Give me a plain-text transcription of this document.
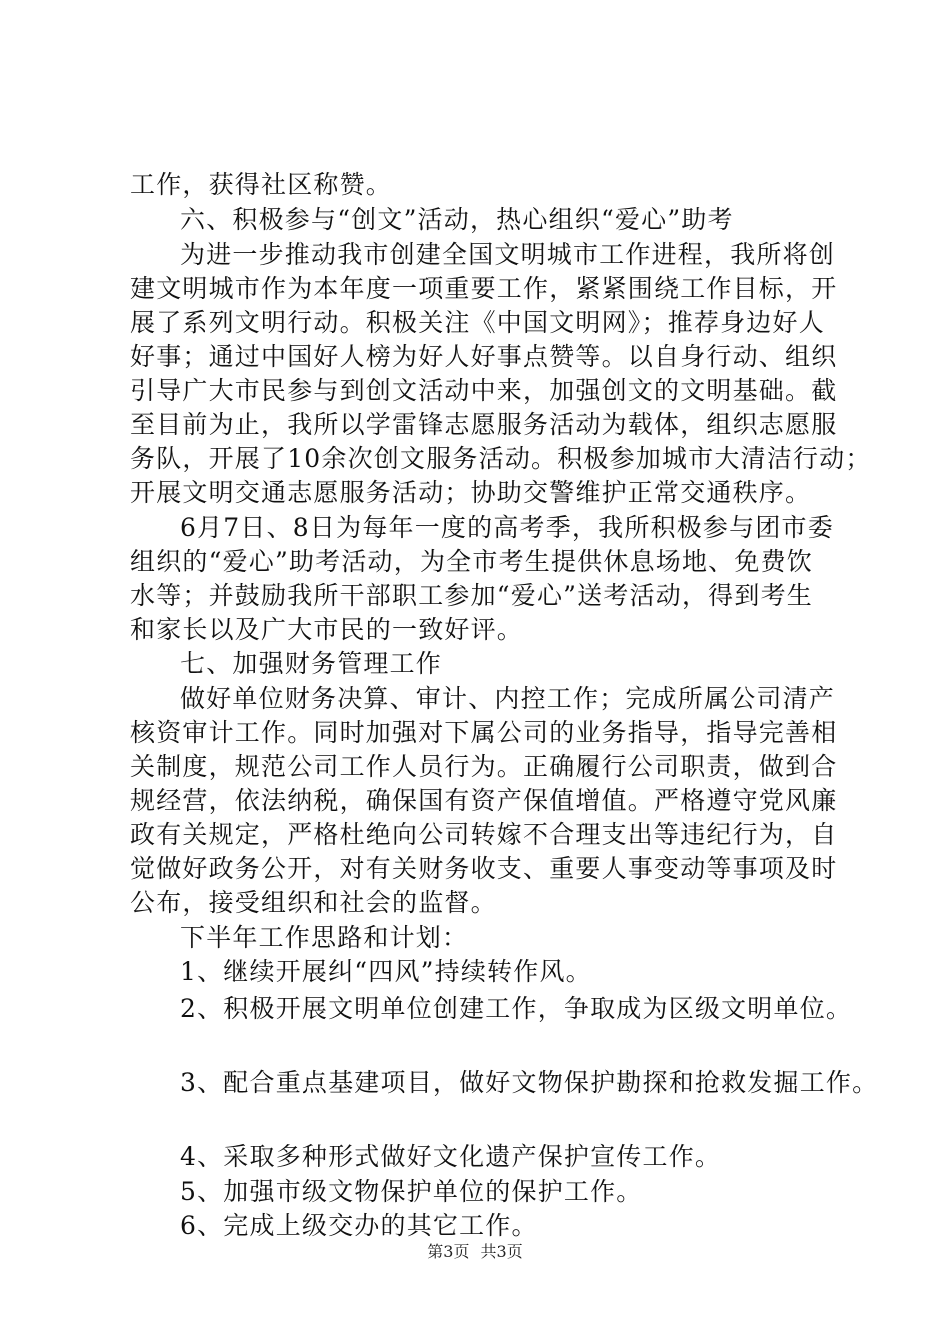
工作，获得社区称赞。
六、积极参与“创文”活动，热心组织“爱心”助考
为进一步推动我市创建全国文明城市工作进程，我所将创
建文明城市作为本年度一项重要工作，紧紧围绕工作目标，开
展了系列文明行动。积极关注《中国文明网》；推荐身边好人
好事；通过中国好人榜为好人好事点赞等。以自身行动、组织
引导广大市民参与到创文活动中来，加强创文的文明基础。截
至目前为止，我所以学雷锋志愿服务活动为载体，组织志愿服
务队，开展了10余次创文服务活动。积极参加城市大清洁行动；
开展文明交通志愿服务活动；协助交警维护正常交通秩序。
6月7日、8日为每年一度的高考季，我所积极参与团市委
组织的“爱心”助考活动，为全市考生提供休息场地、免费饮
水等；并鼓励我所干部职工参加“爱心”送考活动，得到考生
和家长以及广大市民的一致好评。
七、加强财务管理工作
做好单位财务决算、审计、内控工作；完成所属公司清产
核资审计工作。同时加强对下属公司的业务指导，指导完善相
关制度，规范公司工作人员行为。正确履行公司职责，做到合
规经营，依法纳税，确保国有资产保值增值。严格遵守党风廉
政有关规定，严格杜绝向公司转嫁不合理支出等违纪行为，自
觉做好政务公开，对有关财务收支、重要人事变动等事项及时
公布，接受组织和社会的监督。
下半年工作思路和计划：
1、继续开展纠“四风”持续转作风。
2、积极开展文明单位创建工作，争取成为区级文明单位。
3、配合重点基建项目，做好文物保护勘探和抢救发掘工作。
4、采取多种形式做好文化遗产保护宣传工作。
5、加强市级文物保护单位的保护工作。
6、完成上级交办的其它工作。
第3页 共3页
